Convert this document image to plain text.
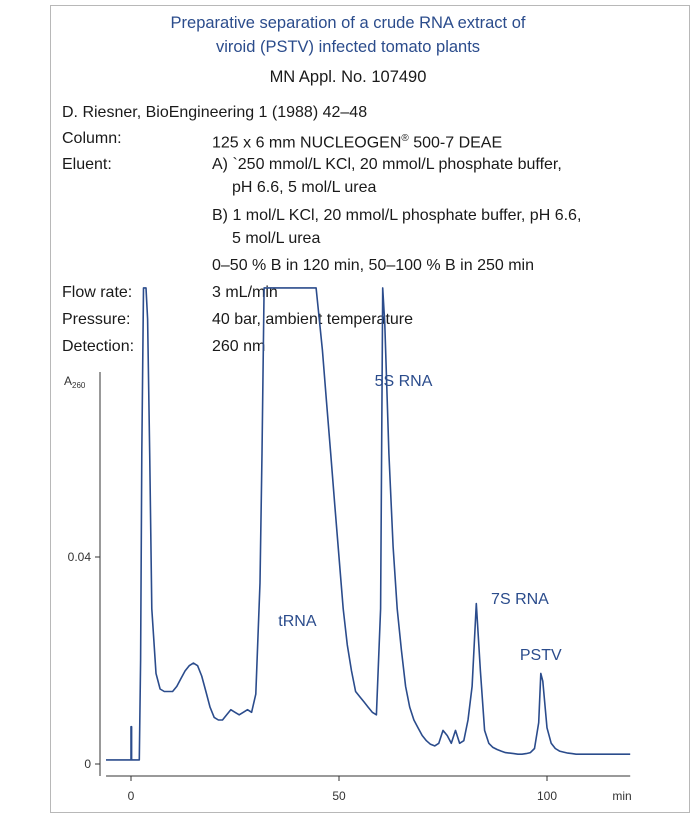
Preparative separation of a crude RNA extract of
viroid (PSTV) infected tomato plants
MN Appl. No. 107490
D. Riesner, BioEngineering 1 (1988) 42–48
Column:	125 x 6 mm NUCLEOGEN® 500-7 DEAE
Eluent:	A) `250 mmol/L KCl, 20 mmol/L phosphate buffer,
pH 6.6, 5 mol/L urea
B) 1 mol/L KCl, 20 mmol/L phosphate buffer, pH 6.6,
5 mol/L urea
0–50 % B in 120 min, 50–100 % B in 250 min
Flow rate:	3 mL/min
Pressure:	40 bar, ambient temperature
Detection:	260 nm
0	50	100	min
0
0.04
$A_{260}$
tRNA
5S RNA
7S RNA
PSTV
